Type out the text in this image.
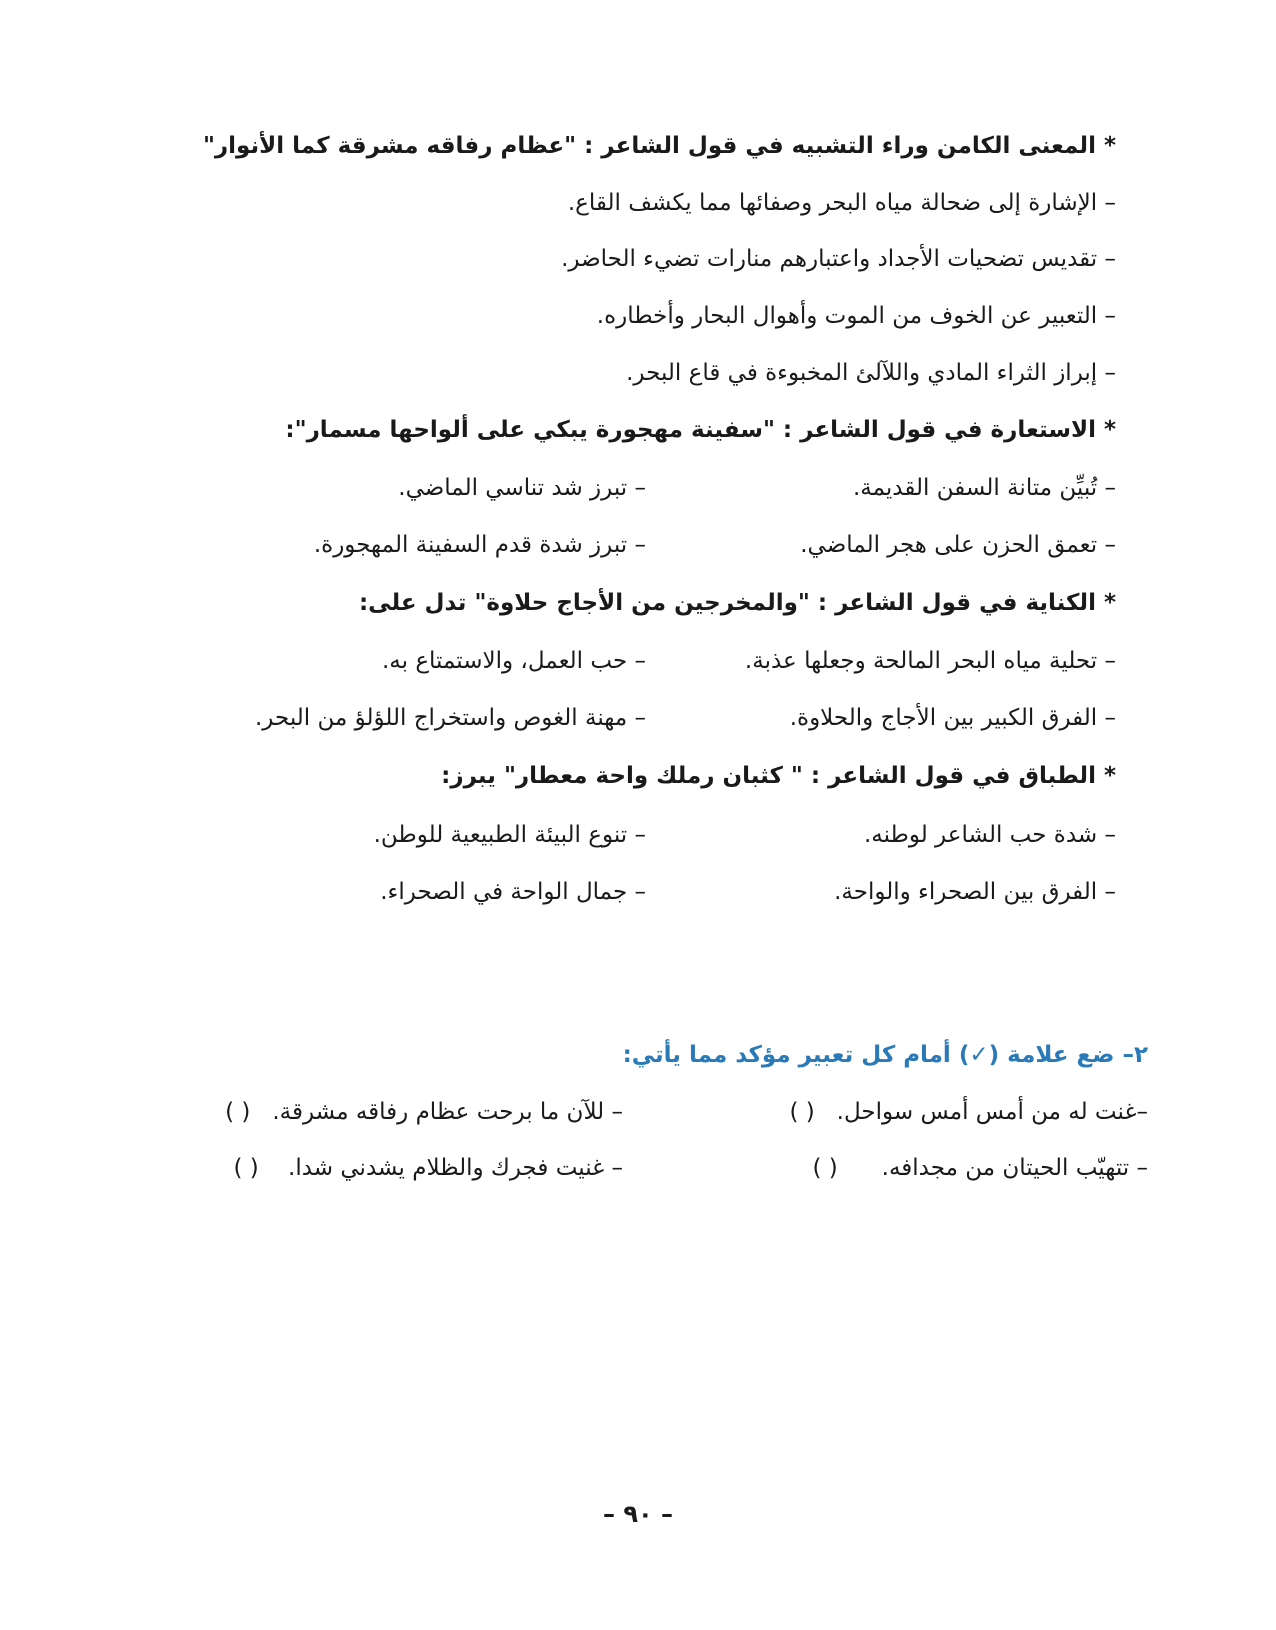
* المعنى الكامن وراء التشبيه في قول الشاعر : "عظام رفاقه مشرقة كما الأنوار"
– الإشارة إلى ضحالة مياه البحر وصفائها مما يكشف القاع.
– تقديس تضحيات الأجداد واعتبارهم منارات تضيء الحاضر.
– التعبير عن الخوف من الموت وأهوال البحار وأخطاره.
– إبراز الثراء المادي واللآلئ المخبوءة في قاع البحر.
* الاستعارة في قول الشاعر : "سفينة مهجورة يبكي على ألواحها مسمار":
– تُبيِّن متانة السفن القديمة.
– تبرز شد تناسي الماضي.
– تعمق الحزن على هجر الماضي.
– تبرز شدة قدم السفينة المهجورة.
* الكناية في قول الشاعر : "والمخرجين من الأجاج حلاوة" تدل على:
– تحلية مياه البحر المالحة وجعلها عذبة.
– حب العمل، والاستمتاع به.
– الفرق الكبير بين الأجاج والحلاوة.
– مهنة الغوص واستخراج اللؤلؤ من البحر.
* الطباق في قول الشاعر : " كثبان رملك واحة معطار" يبرز:
– شدة حب الشاعر لوطنه.
– تنوع البيئة الطبيعية للوطن.
– الفرق بين الصحراء والواحة.
– جمال الواحة في الصحراء.
٢– ضع علامة (✓) أمام كل تعبير مؤكد مما يأتي:
–غنت له من أمس أمس سواحل.   ( )
– للآن ما برحت عظام رفاقه مشرقة.   ( )
– تتهيّب الحيتان من مجدافه.      ( )
– غنيت فجرك والظلام يشدني شدا.    ( )
– ٩٠ –
